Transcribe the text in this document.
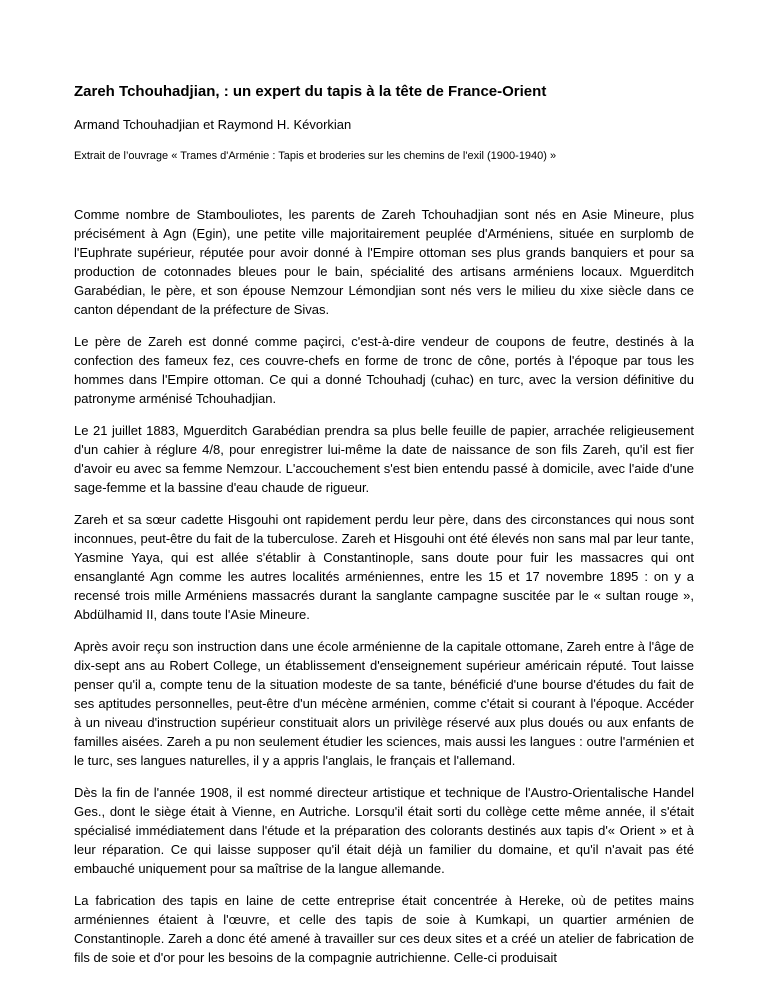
Zareh Tchouhadjian, : un expert du tapis à la tête de France-Orient
Armand Tchouhadjian et Raymond H. Kévorkian
Extrait de l’ouvrage « Trames d'Arménie : Tapis et broderies sur les chemins de l'exil (1900-1940) »

Comme nombre de Stambouliotes, les parents de Zareh Tchouhadjian sont nés en Asie Mineure, plus précisément à Agn (Egin), une petite ville majoritairement peuplée d'Arméniens, située en surplomb de l'Euphrate supérieur, réputée pour avoir donné à l'Empire ottoman ses plus grands banquiers et pour sa production de cotonnades bleues pour le bain, spécialité des artisans arméniens locaux. Mguerditch Garabédian, le père, et son épouse Nemzour Lémondjian sont nés vers le milieu du xixe siècle dans ce canton dépendant de la préfecture de Sivas.

Le père de Zareh est donné comme paçirci, c'est-à-dire vendeur de coupons de feutre, destinés à la confection des fameux fez, ces couvre-chefs en forme de tronc de cône, portés à l'époque par tous les hommes dans l'Empire ottoman. Ce qui a donné Tchouhadj (cuhac) en turc, avec la version définitive du patronyme arménisé Tchouhadjian.

Le 21 juillet 1883, Mguerditch Garabédian prendra sa plus belle feuille de papier, arrachée religieusement d'un cahier à réglure 4/8, pour enregistrer lui-même la date de naissance de son fils Zareh, qu'il est fier d'avoir eu avec sa femme Nemzour. L'accouchement s'est bien entendu passé à domicile, avec l'aide d'une sage-femme et la bassine d'eau chaude de rigueur.

Zareh et sa sœur cadette Hisgouhi ont rapidement perdu leur père, dans des circonstances qui nous sont inconnues, peut-être du fait de la tuberculose. Zareh et Hisgouhi ont été élevés non sans mal par leur tante, Yasmine Yaya, qui est allée s'établir à Constantinople, sans doute pour fuir les massacres qui ont ensanglanté Agn comme les autres localités arméniennes, entre les 15 et 17 novembre 1895 : on y a recensé trois mille Arméniens massacrés durant la sanglante campagne suscitée par le « sultan rouge », Abdülhamid II, dans toute l'Asie Mineure.

Après avoir reçu son instruction dans une école arménienne de la capitale ottomane, Zareh entre à l'âge de dix-sept ans au Robert College, un établissement d'enseignement supérieur américain réputé. Tout laisse penser qu'il a, compte tenu de la situation modeste de sa tante, bénéficié d'une bourse d'études du fait de ses aptitudes personnelles, peut-être d'un mécène arménien, comme c'était si courant à l'époque. Accéder à un niveau d'instruction supérieur constituait alors un privilège réservé aux plus doués ou aux enfants de familles aisées. Zareh a pu non seulement étudier les sciences, mais aussi les langues : outre l'arménien et le turc, ses langues naturelles, il y a appris l'anglais, le français et l'allemand.

Dès la fin de l'année 1908, il est nommé directeur artistique et technique de l'Austro-Orientalische Handel Ges., dont le siège était à Vienne, en Autriche. Lorsqu'il était sorti du collège cette même année, il s'était spécialisé immédiatement dans l'étude et la préparation des colorants destinés aux tapis d'« Orient » et à leur réparation. Ce qui laisse supposer qu'il était déjà un familier du domaine, et qu'il n'avait pas été embauché uniquement pour sa maîtrise de la langue allemande.

La fabrication des tapis en laine de cette entreprise était concentrée à Hereke, où de petites mains arméniennes étaient à l'œuvre, et celle des tapis de soie à Kumkapi, un quartier arménien de Constantinople. Zareh a donc été amené à travailler sur ces deux sites et a créé un atelier de fabrication de fils de soie et d'or pour les besoins de la compagnie autrichienne. Celle-ci produisait
